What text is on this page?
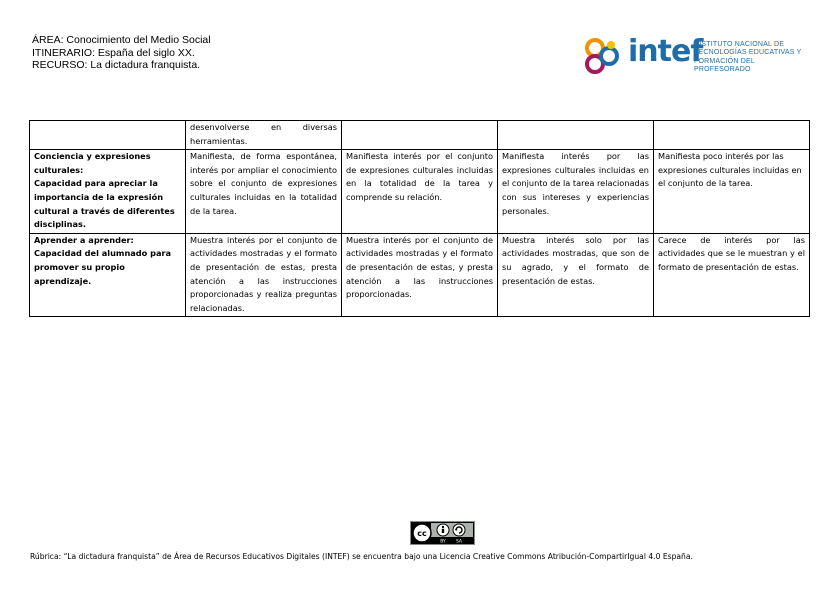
ÁREA: Conocimiento del Medio Social
ITINERARIO: España del siglo XX.
RECURSO: La dictadura franquista.	intef
INSTITUTO NACIONAL DE
TECNOLOGÍAS EDUCATIVAS Y
FORMACIÓN DEL PROFESORADO
	desenvolverse en diversas herramientas.			

Conciencia y expresiones culturales:
Capacidad para apreciar la importancia de la expresión cultural a través de diferentes disciplinas.	Manifiesta, de forma espontánea, interés por ampliar el conocimiento sobre el conjunto de expresiones culturales incluidas en la totalidad de la tarea.	Manifiesta interés por el conjunto de expresiones culturales incluidas en la totalidad de la tarea y comprende su relación.	Manifiesta interés por las expresiones culturales incluidas en el conjunto de la tarea relacionadas con sus intereses y experiencias personales.	Manifiesta poco interés por las expresiones culturales incluidas en el conjunto de la tarea.

Aprender a aprender:
Capacidad del alumnado para promover su propio aprendizaje.	Muestra interés por el conjunto de actividades mostradas y el formato de presentación de estas, presta atención a las instrucciones proporcionadas y realiza preguntas relacionadas.	Muestra interés por el conjunto de actividades mostradas y el formato de presentación de estas, y presta atención a las instrucciones proporcionadas.	Muestra interés solo por las actividades mostradas, que son de su agrado, y el formato de presentación de estas.	Carece de interés por las actividades que se le muestran y el formato de presentación de estas.
cc
BY SA
Rúbrica: “La dictadura franquista” de Área de Recursos Educativos Digitales (INTEF) se encuentra bajo una Licencia Creative Commons Atribución-CompartirIgual 4.0 España.
